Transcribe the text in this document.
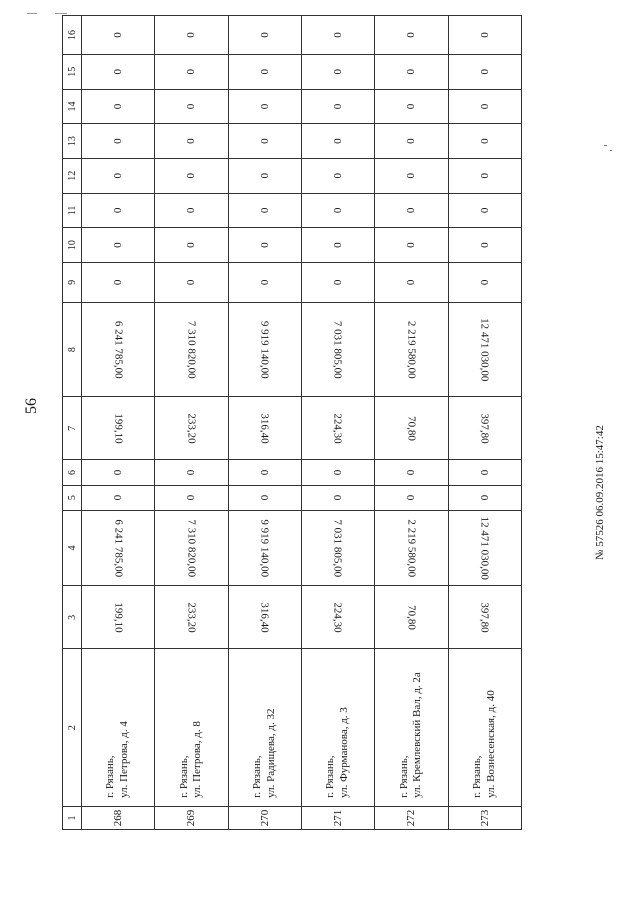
56
1	2	3	4	5	6	7	8	9	10	11	12	13	14	15	16
268	г. Рязань, ул. Петрова, д. 4	199,10	6 241 785,00	0	0	199,10	6 241 785,00	0	0	0	0	0	0	0	0
269	г. Рязань, ул. Петрова, д. 8	233,20	7 310 820,00	0	0	233,20	7 310 820,00	0	0	0	0	0	0	0	0
270	г. Рязань, ул. Радищева, д. 32	316,40	9 919 140,00	0	0	316,40	9 919 140,00	0	0	0	0	0	0	0	0
271	г. Рязань, ул. Фурманова, д. 3	224,30	7 031 805,00	0	0	224,30	7 031 805,00	0	0	0	0	0	0	0	0
272	г. Рязань, ул. Кремлевский Вал, д. 2а	70,80	2 219 580,00	0	0	70,80	2 219 580,00	0	0	0	0	0	0	0	0
273	г. Рязань, ул. Вознесенская, д. 40	397,80	12 471 030,00	0	0	397,80	12 471 030,00	0	0	0	0	0	0	0	0
№ 57526 06.09.2016 15:47:42
